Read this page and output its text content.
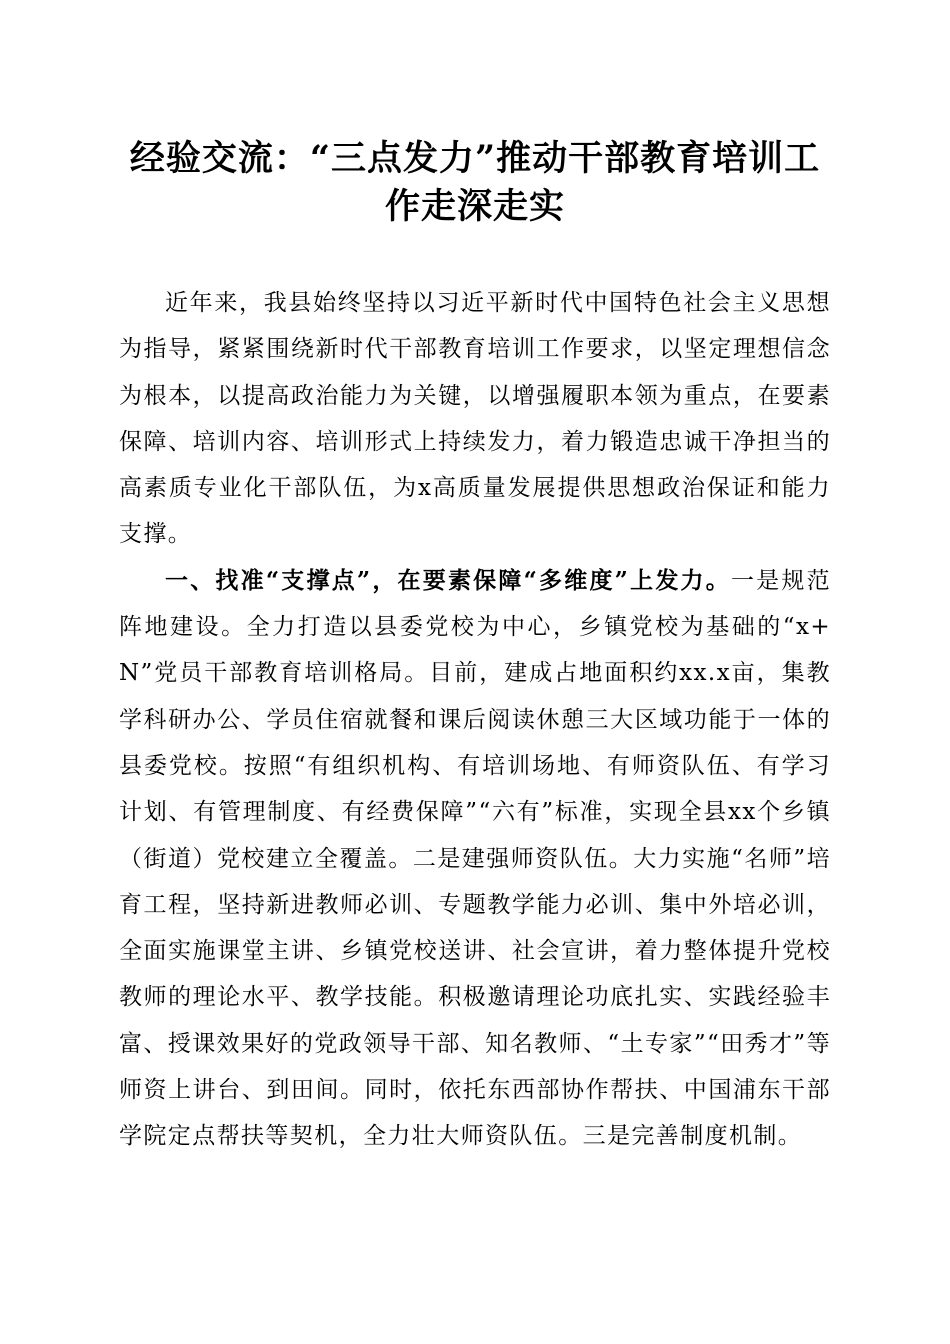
经验交流：“三点发力”推动干部教育培训工
作走深走实

近年来，我县始终坚持以习近平新时代中国特色社会主义思想为指导，紧紧围绕新时代干部教育培训工作要求，以坚定理想信念为根本，以提高政治能力为关键，以增强履职本领为重点，在要素保障、培训内容、培训形式上持续发力，着力锻造忠诚干净担当的高素质专业化干部队伍，为x高质量发展提供思想政治保证和能力支撑。

一、找准“支撑点”，在要素保障“多维度”上发力。一是规范阵地建设。全力打造以县委党校为中心，乡镇党校为基础的“x+N”党员干部教育培训格局。目前，建成占地面积约xx.x亩，集教学科研办公、学员住宿就餐和课后阅读休憩三大区域功能于一体的县委党校。按照“有组织机构、有培训场地、有师资队伍、有学习计划、有管理制度、有经费保障”“六有”标准，实现全县xx个乡镇（街道）党校建立全覆盖。二是建强师资队伍。大力实施“名师”培育工程，坚持新进教师必训、专题教学能力必训、集中外培必训，全面实施课堂主讲、乡镇党校送讲、社会宣讲，着力整体提升党校教师的理论水平、教学技能。积极邀请理论功底扎实、实践经验丰富、授课效果好的党政领导干部、知名教师、“土专家”“田秀才”等师资上讲台、到田间。同时，依托东西部协作帮扶、中国浦东干部学院定点帮扶等契机，全力壮大师资队伍。三是完善制度机制。
